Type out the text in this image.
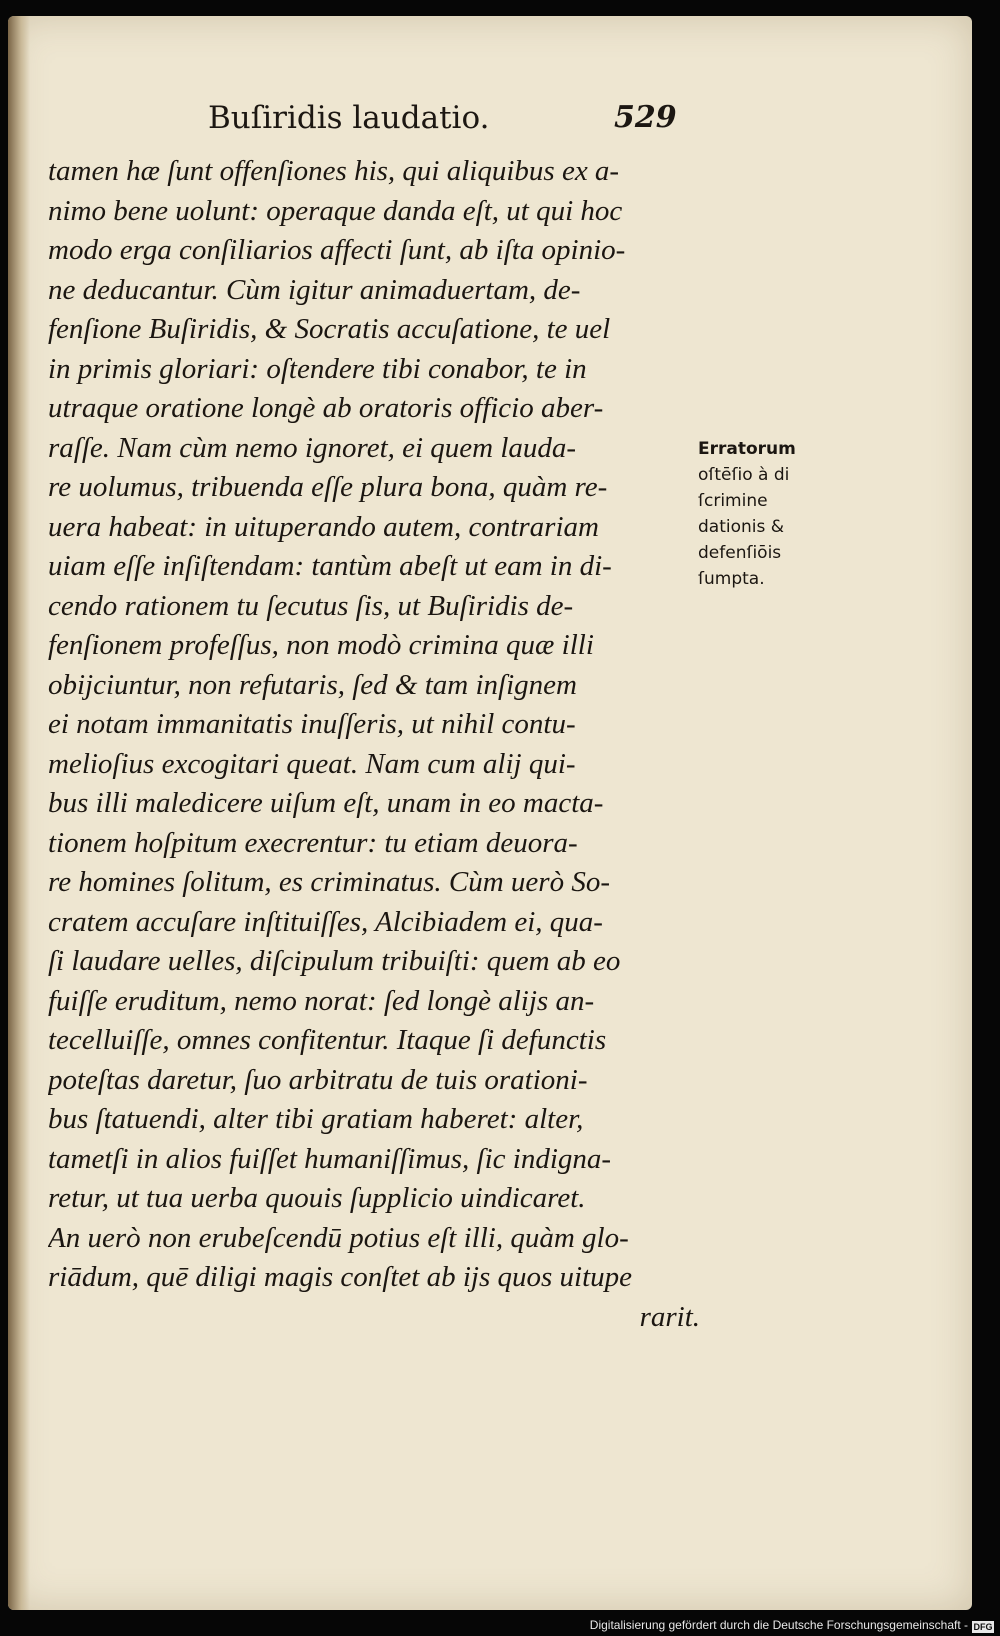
Buſiridis laudatio.	529
tamen hæ ſunt offenſiones his, qui aliquibus ex a-
nimo bene uolunt: operaque danda eſt, ut qui hoc
modo erga conſiliarios affecti ſunt, ab iſta opinio-
ne deducantur. Cùm igitur animaduertam, de-
fenſione Buſiridis, & Socratis accuſatione, te uel
in primis gloriari: oſtendere tibi conabor, te in
utraque oratione longè ab oratoris officio aber-
raſſe. Nam cùm nemo ignoret, ei quem lauda-
re uolumus, tribuenda eſſe plura bona, quàm re-
uera habeat: in uituperando autem, contrariam
uiam eſſe inſiſtendam: tantùm abeſt ut eam in di-
cendo rationem tu ſecutus ſis, ut Buſiridis de-
fenſionem profeſſus, non modò crimina quæ illi
obijciuntur, non refutaris, ſed & tam inſignem
ei notam immanitatis inuſſeris, ut nihil contu-
melioſius excogitari queat. Nam cum alij qui-
bus illi maledicere uiſum eſt, unam in eo macta-
tionem hoſpitum execrentur: tu etiam deuora-
re homines ſolitum, es criminatus. Cùm uerò So-
cratem accuſare inſtituiſſes, Alcibiadem ei, qua-
ſi laudare uelles, diſcipulum tribuiſti: quem ab eo
fuiſſe eruditum, nemo norat: ſed longè alijs an-
tecelluiſſe, omnes confitentur. Itaque ſi defunctis
poteſtas daretur, ſuo arbitratu de tuis orationi-
bus ſtatuendi, alter tibi gratiam haberet: alter,
tametſi in alios fuiſſet humaniſſimus, ſic indigna-
retur, ut tua uerba quouis ſupplicio uindicaret.
An uerò non erubeſcendū potius eſt illi, quàm glo-
riādum, quē diligi magis conſtet ab ijs quos uitupe
rarit.
Erratorum
oſtēſio à di
ſcrimine
dationis &
defenſiōis
ſumpta.
Digitalisierung gefördert durch die Deutsche Forschungsgemeinschaft - DFG
